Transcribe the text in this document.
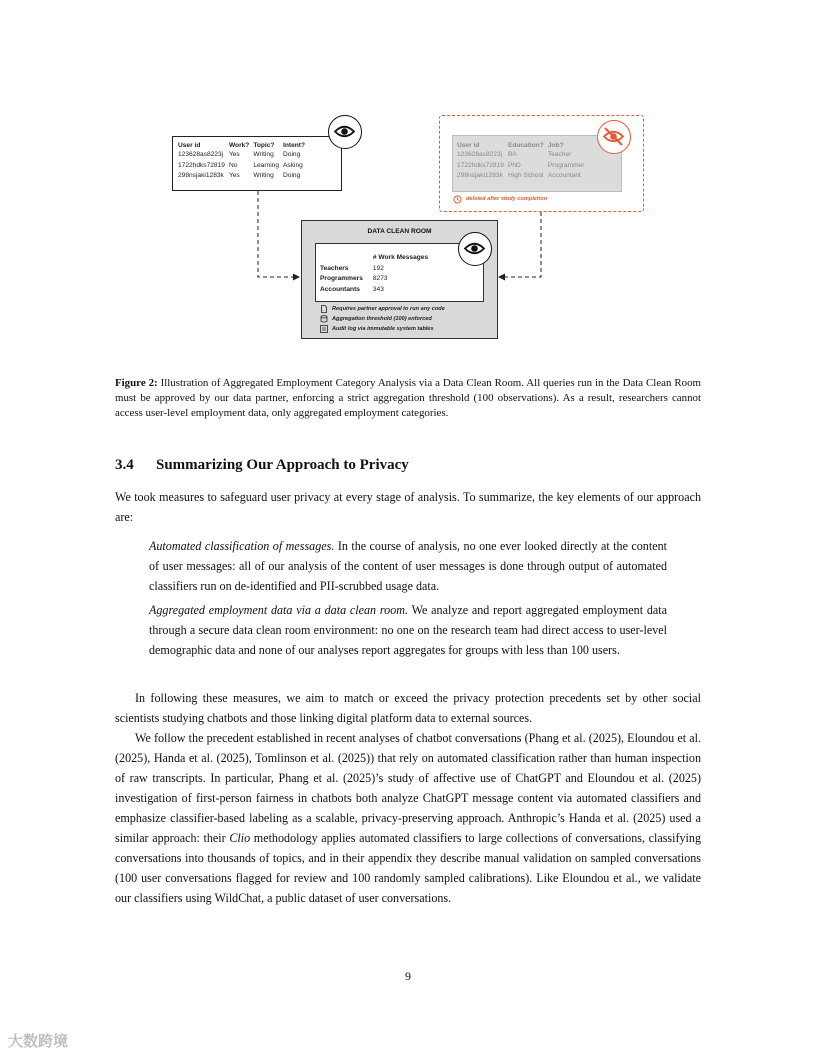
User id	Work?	Topic?	Intent?
123628as8223j	Yes	Writing	Doing
1722hdks72819	No	Learning	Asking
298nsjaki1283k	Yes	Writing	Doing
User id	Education?	Job?
123628as8223j	BA	Teacher
1722hdks72819	PhD	Programmer
298nsjaki1283k	High School	Accountant
deleted after study completion
DATA CLEAN ROOM
	# Work Messages
Teachers	192
Programmers	8273
Accountants	343
Requires partner approval to run any code
Aggregation threshold (100) enforced
Audit log via immutable system tables
Figure 2: Illustration of Aggregated Employment Category Analysis via a Data Clean Room. All queries run in the Data Clean Room must be approved by our data partner, enforcing a strict aggregation threshold (100 observations). As a result, researchers cannot access user-level employment data, only aggregated employment categories.
3.4 Summarizing Our Approach to Privacy

We took measures to safeguard user privacy at every stage of analysis. To summarize, the key elements of our approach are:

Automated classification of messages. In the course of analysis, no one ever looked directly at the content of user messages: all of our analysis of the content of user messages is done through output of automated classifiers run on de-identified and PII-scrubbed usage data.

Aggregated employment data via a data clean room. We analyze and report aggregated employment data through a secure data clean room environment: no one on the research team had direct access to user-level demographic data and none of our analyses report aggregates for groups with less than 100 users.

In following these measures, we aim to match or exceed the privacy protection precedents set by other social scientists studying chatbots and those linking digital platform data to external sources.

We follow the precedent established in recent analyses of chatbot conversations (Phang et al. (2025), Eloundou et al. (2025), Handa et al. (2025), Tomlinson et al. (2025)) that rely on automated classification rather than human inspection of raw transcripts. In particular, Phang et al. (2025)’s study of affective use of ChatGPT and Eloundou et al. (2025) investigation of first-person fairness in chatbots both analyze ChatGPT message content via automated classifiers and emphasize classifier-based labeling as a scalable, privacy-preserving approach. Anthropic’s Handa et al. (2025) used a similar approach: their Clio methodology applies automated classifiers to large collections of conversations, classifying conversations into thousands of topics, and in their appendix they describe manual validation on sampled conversations (100 user conversations flagged for review and 100 randomly sampled calibrations). Like Eloundou et al., we validate our classifiers using WildChat, a public dataset of user conversations.

9
大数跨境
